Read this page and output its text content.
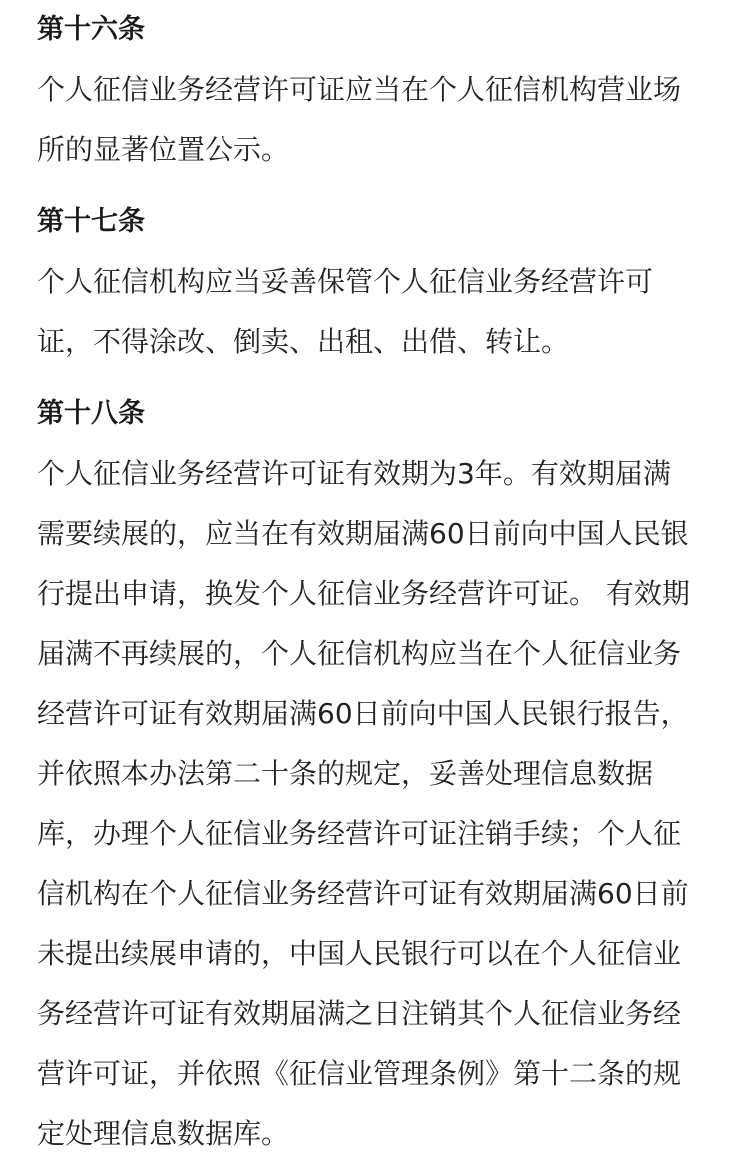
第十六条
个人征信业务经营许可证应当在个人征信机构营业场
所的显著位置公示。
第十七条
个人征信机构应当妥善保管个人征信业务经营许可
证，不得涂改、倒卖、出租、出借、转让。
第十八条
个人征信业务经营许可证有效期为3年。有效期届满
需要续展的，应当在有效期届满60日前向中国人民银
行提出申请，换发个人征信业务经营许可证。 有效期
届满不再续展的，个人征信机构应当在个人征信业务
经营许可证有效期届满60日前向中国人民银行报告，
并依照本办法第二十条的规定，妥善处理信息数据
库，办理个人征信业务经营许可证注销手续；个人征
信机构在个人征信业务经营许可证有效期届满60日前
未提出续展申请的，中国人民银行可以在个人征信业
务经营许可证有效期届满之日注销其个人征信业务经
营许可证，并依照《征信业管理条例》第十二条的规
定处理信息数据库。
